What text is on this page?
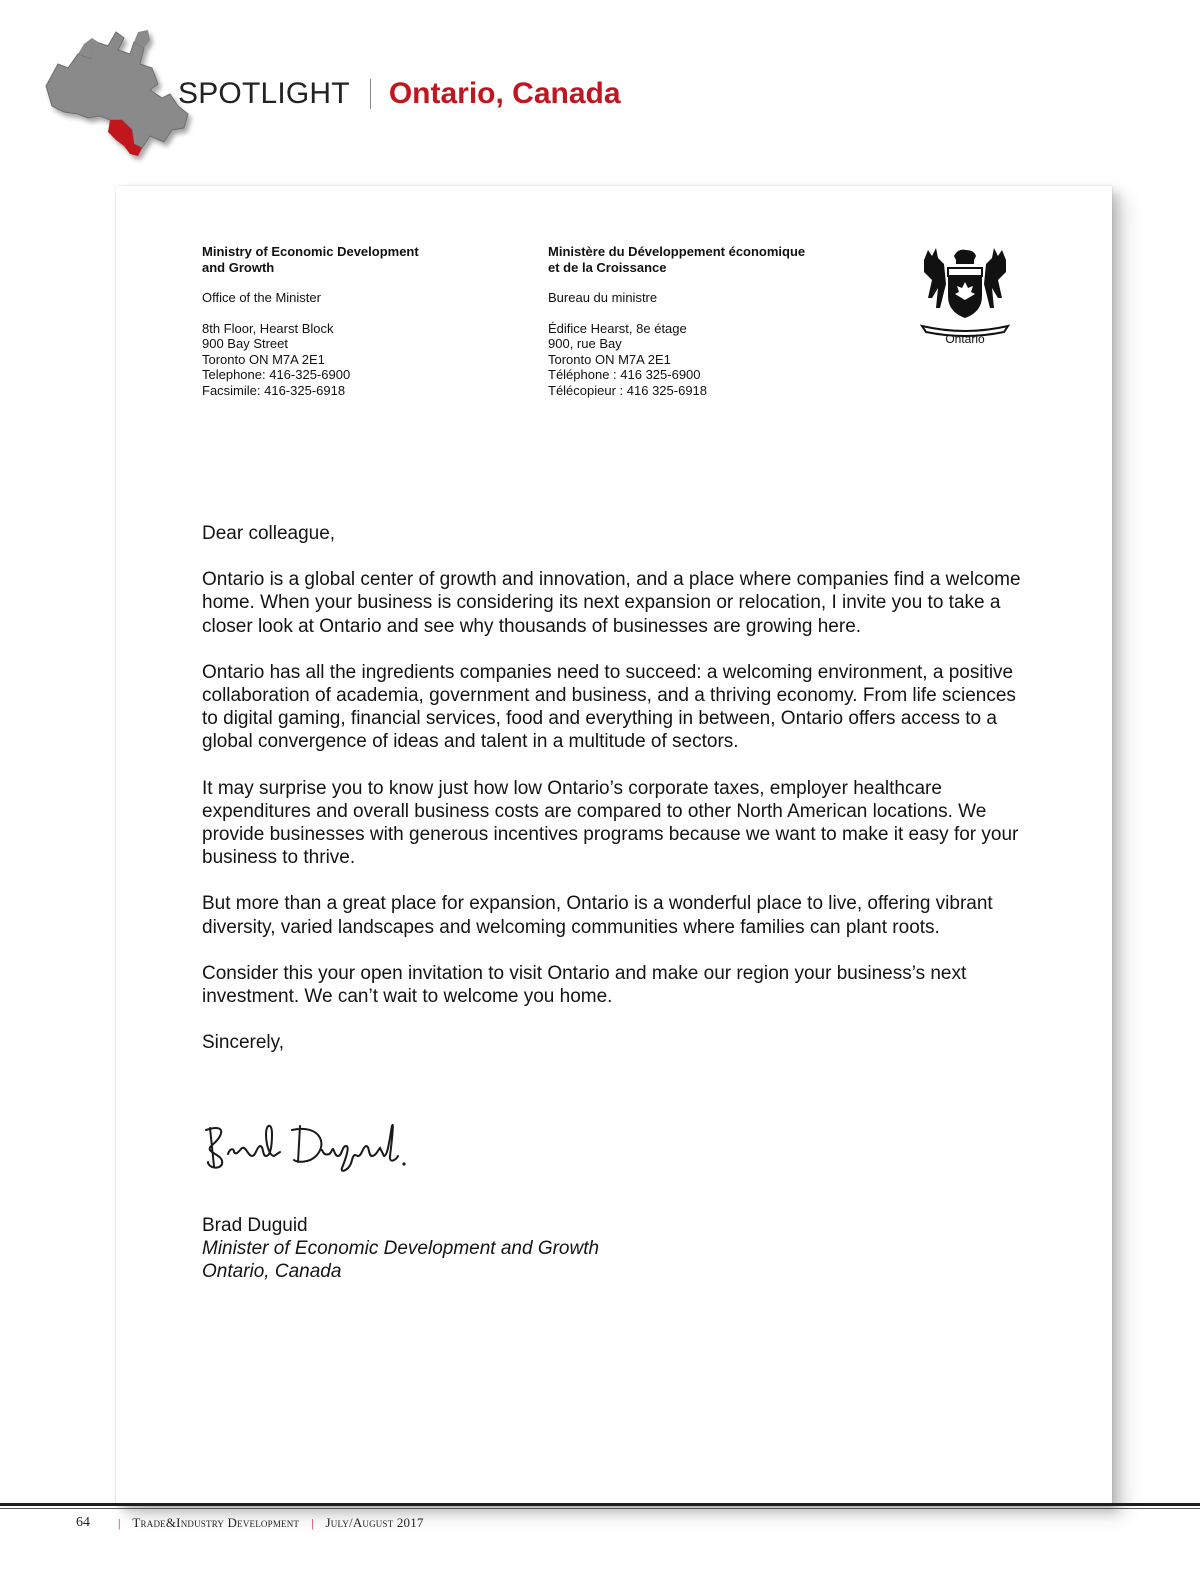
SPOTLIGHT Ontario, Canada
Ministry of Economic Development
and Growth
Office of the Minister
8th Floor, Hearst Block
900 Bay Street
Toronto ON M7A 2E1
Telephone: 416-325-6900
Facsimile: 416-325-6918
Ministère du Développement économique
et de la Croissance
Bureau du ministre
Édifice Hearst, 8e étage
900, rue Bay
Toronto ON M7A 2E1
Téléphone : 416 325-6900
Télécopieur : 416 325-6918
Ontario

Dear colleague,

Ontario is a global center of growth and innovation, and a place where companies find a welcome home. When your business is considering its next expansion or relocation, I invite you to take a closer look at Ontario and see why thousands of businesses are growing here.

Ontario has all the ingredients companies need to succeed: a welcoming environment, a positive collaboration of academia, government and business, and a thriving economy. From life sciences to digital gaming, financial services, food and everything in between, Ontario offers access to a global convergence of ideas and talent in a multitude of sectors.

It may surprise you to know just how low Ontario’s corporate taxes, employer healthcare expenditures and overall business costs are compared to other North American locations. We provide businesses with generous incentives programs because we want to make it easy for your business to thrive.

But more than a great place for expansion, Ontario is a wonderful place to live, offering vibrant diversity, varied landscapes and welcoming communities where families can plant roots.

Consider this your open invitation to visit Ontario and make our region your business’s next investment. We can’t wait to welcome you home.

Sincerely,

Brad Duguid
Minister of Economic Development and Growth
Ontario, Canada
64 | Trade&Industry Development | July/August 2017
